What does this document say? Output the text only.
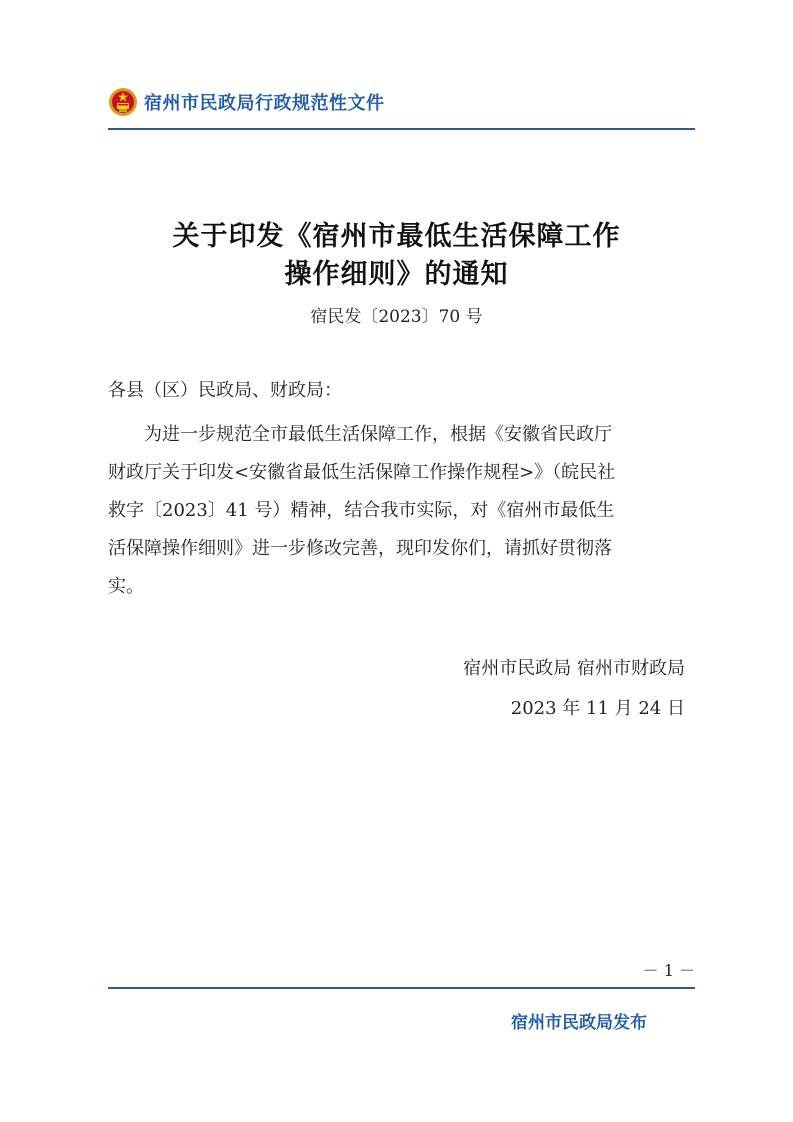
宿州市民政局行政规范性文件
关于印发《宿州市最低生活保障工作
操作细则》的通知
宿民发〔2023〕70 号
各县（区）民政局、财政局：
为进一步规范全市最低生活保障工作，根据《安徽省民政厅
财政厅关于印发<安徽省最低生活保障工作操作规程>》（皖民社
救字〔2023〕41 号）精神，结合我市实际，对《宿州市最低生
活保障操作细则》进一步修改完善，现印发你们，请抓好贯彻落
实。
宿州市民政局 宿州市财政局
2023 年 11 月 24 日
－ 1 －
宿州市民政局发布
